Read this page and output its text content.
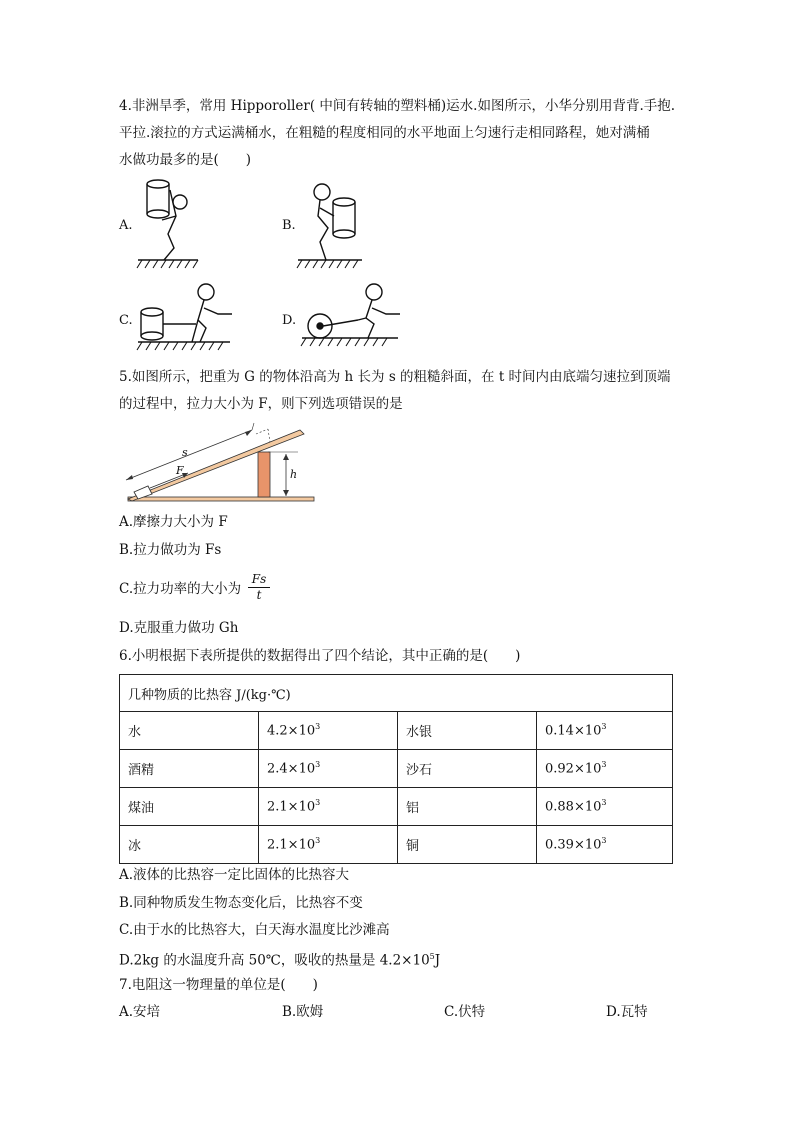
4.非洲旱季，常用 Hipporoller( 中间有转轴的塑料桶)运水.如图所示，小华分别用背背.手抱.
平拉.滚拉的方式运满桶水，在粗糙的程度相同的水平地面上匀速行走相同路程，她对满桶
水做功最多的是(　　)
A.	B.
C.	D.
5.如图所示，把重为 G 的物体沿高为 h 长为 s 的粗糙斜面，在 t 时间内由底端匀速拉到顶端
的过程中，拉力大小为 F，则下列选项错误的是
s
F	h
A.摩擦力大小为 F
B.拉力做功为 Fs
C.拉力功率的大小为 $\frac{Fs}{t}$
D.克服重力做功 Gh
6.小明根据下表所提供的数据得出了四个结论，其中正确的是(　　)
几种物质的比热容 J/(kg·℃)			
水	$4.2\times 10^3$	水银	$0.14\times 10^3$
酒精	$2.4\times 10^3$	沙石	$0.92\times 10^3$
煤油	$2.1\times 10^3$	铝	$0.88\times 10^3$
冰	$2.1\times 10^3$	铜	$0.39\times 10^3$
A.液体的比热容一定比固体的比热容大
B.同种物质发生物态变化后，比热容不变
C.由于水的比热容大，白天海水温度比沙滩高
D.2kg 的水温度升高 50℃，吸收的热量是 $4.2\times 10^5J$
7.电阻这一物理量的单位是(　　)
A.安培	B.欧姆	C.伏特	D.瓦特
